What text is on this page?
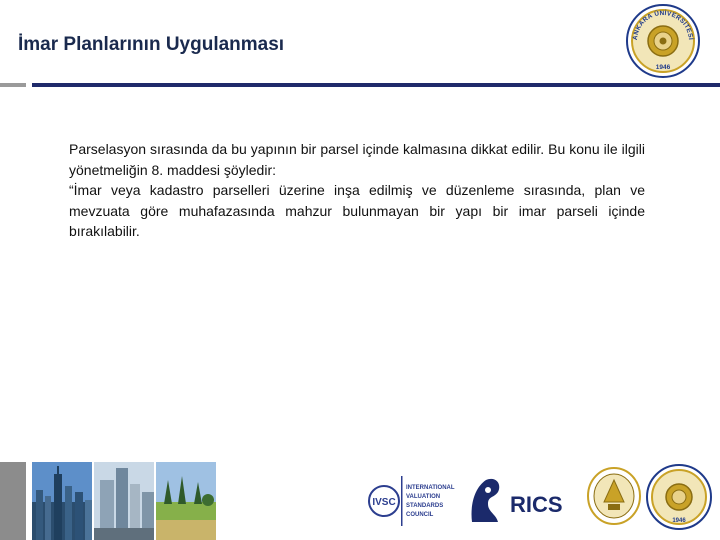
İmar Planlarının Uygulanması	ANKARA ÜNİVERSİTESİ
1946

Parselasyon sırasında da bu yapının bir parsel içinde kalmasına dikkat edilir. Bu konu ile ilgili yönetmeliğin 8. maddesi şöyledir:

“İmar veya kadastro parselleri üzerine inşa edilmiş ve düzenleme sırasında, plan ve mevzuata göre muhafazasında mahzur bulunmayan bir yapı bir imar parseli içinde bırakılabilir.

IVSC
INTERNATIONAL
VALUATION
STANDARDS
COUNCIL	RICS
1946
